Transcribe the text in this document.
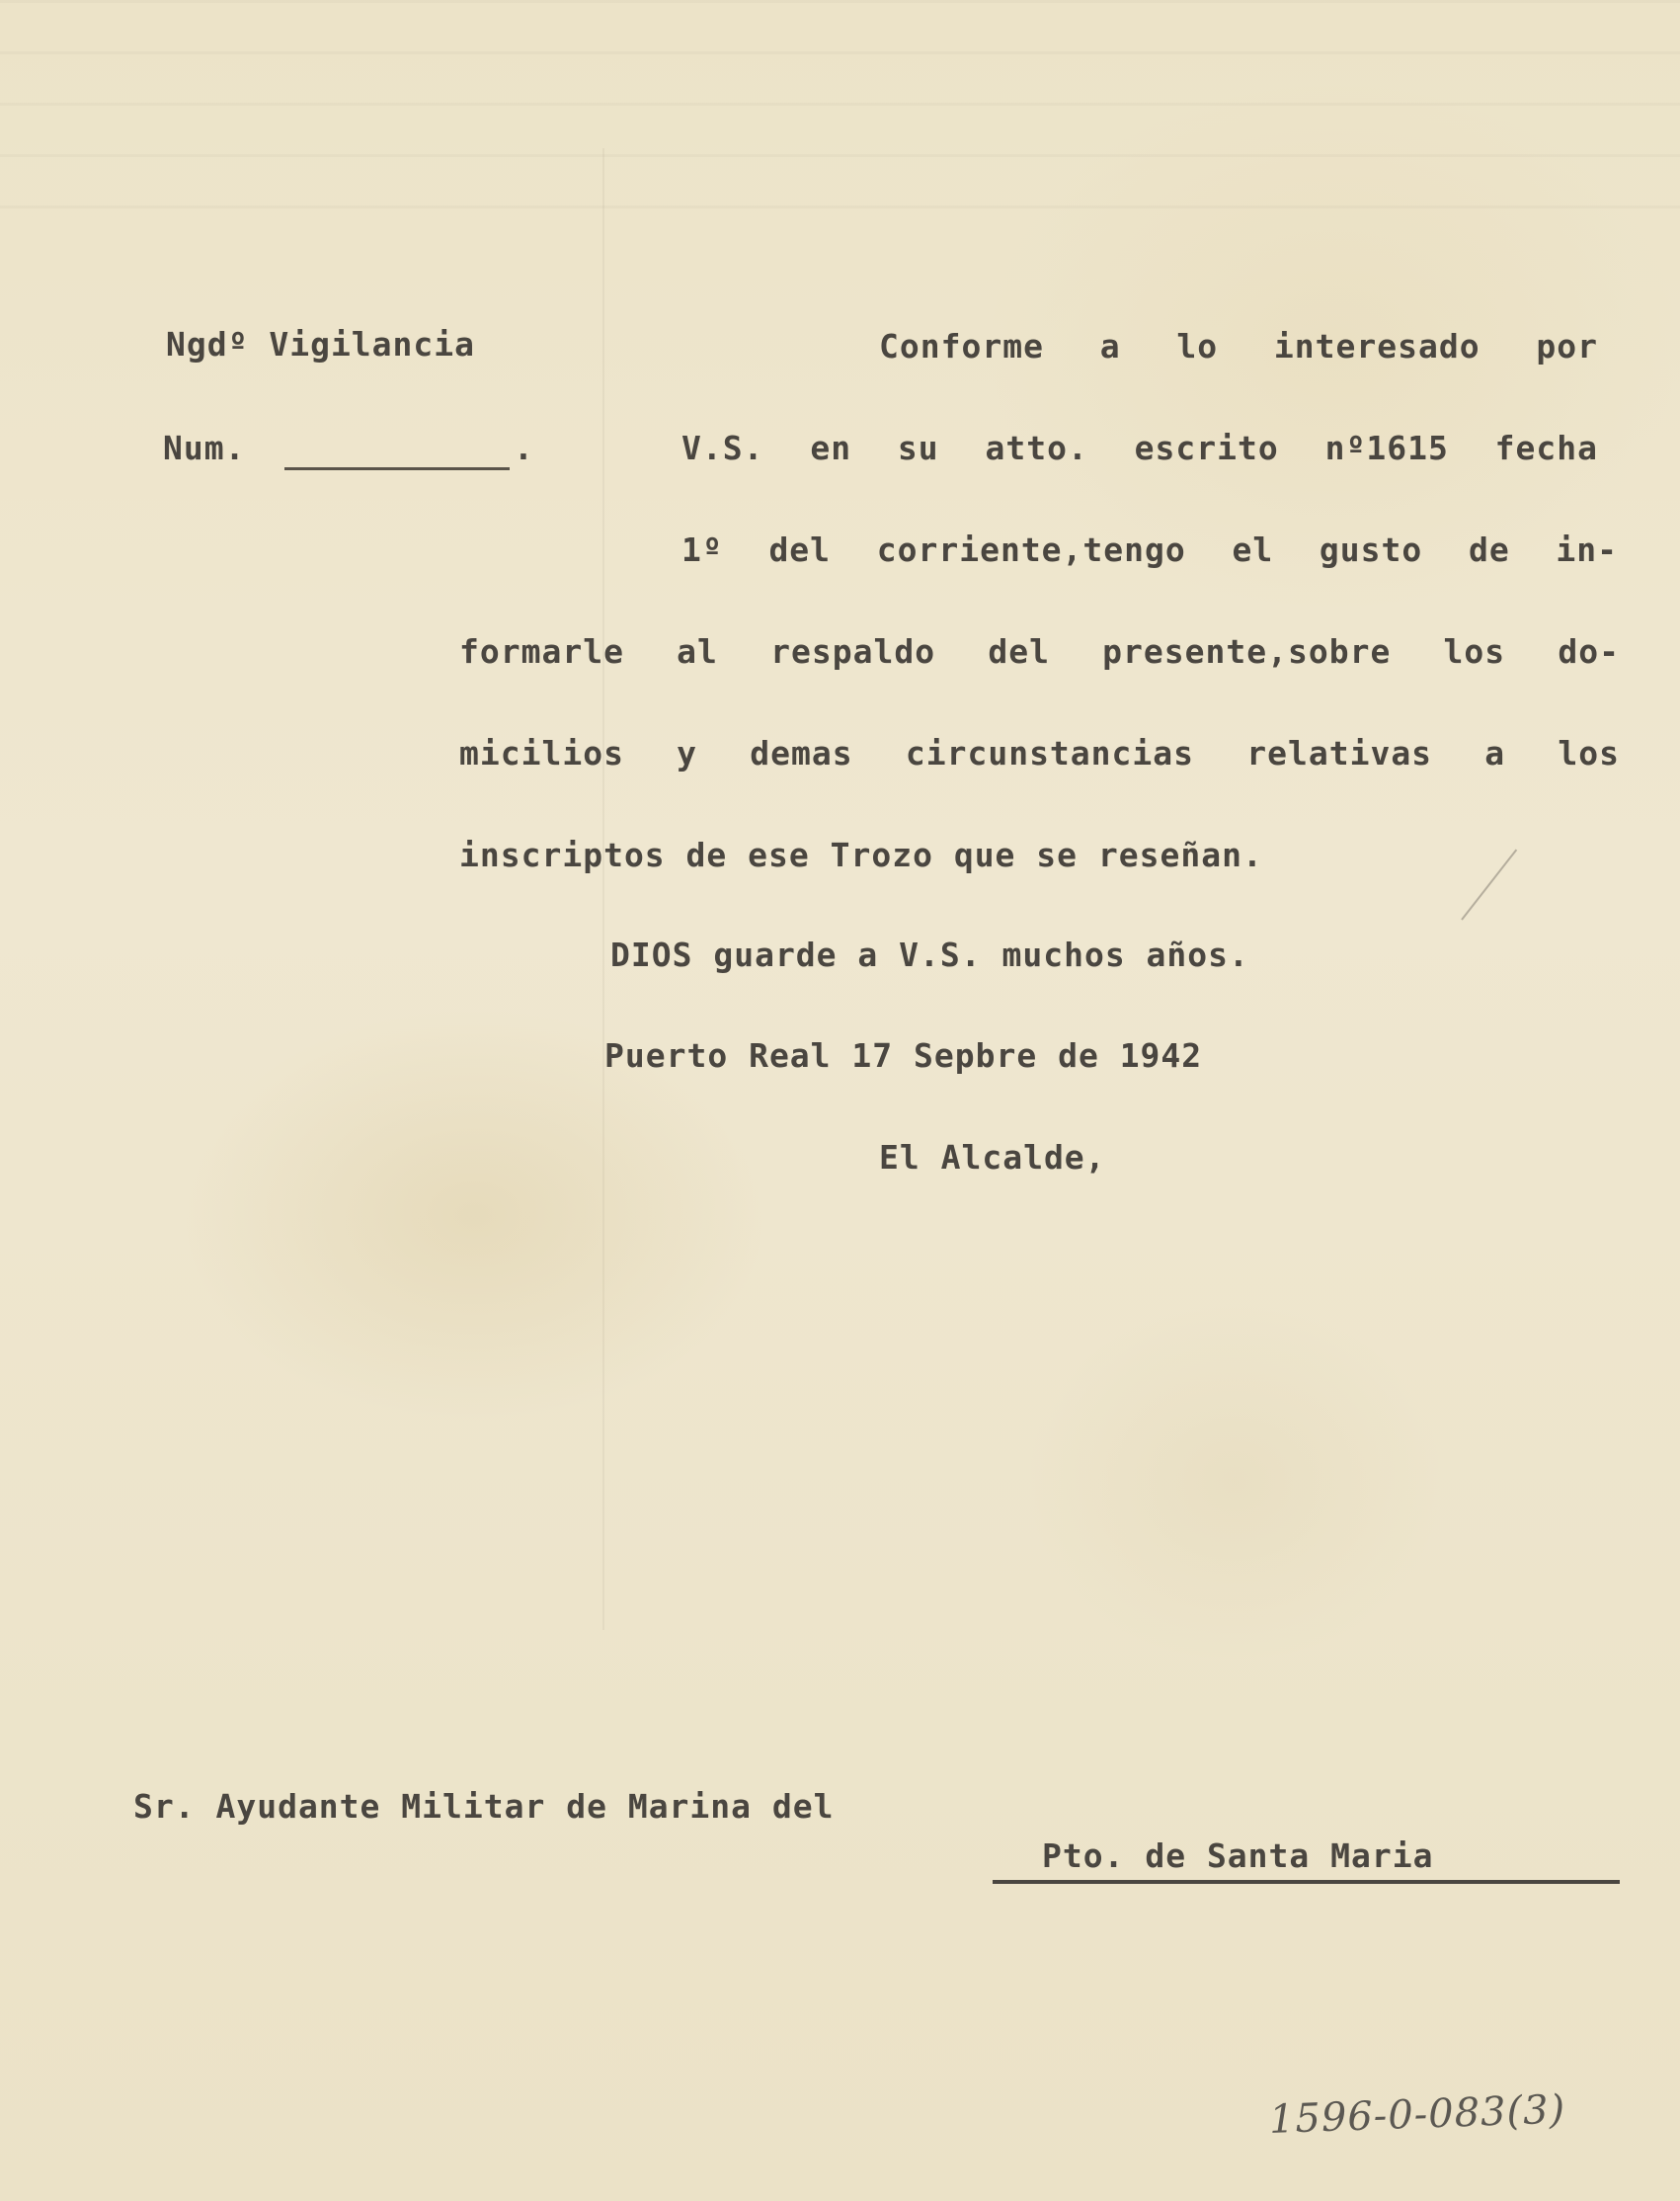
Ngdº Vigilancia
Num.	.
Conforme a lo interesado por
V.S. en su atto. escrito nº1615 fecha
1º del corriente,tengo el gusto de in-
formarle al respaldo del presente,sobre los do-
micilios y demas circunstancias relativas a los
inscriptos de ese Trozo que se reseñan.
DIOS guarde a V.S. muchos años.
Puerto Real 17 Sepbre de 1942
El Alcalde,
Sr. Ayudante Militar de Marina del
Pto. de Santa Maria
1596-0-083(3)
